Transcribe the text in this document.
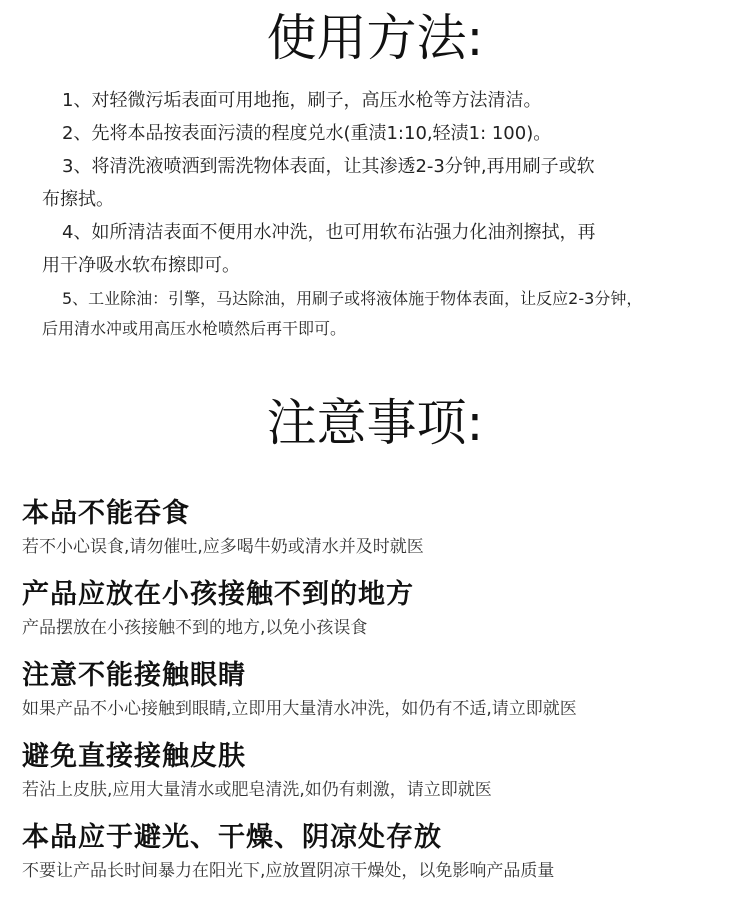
使用方法:
1、对轻微污垢表面可用地拖，刷子，高压水枪等方法清洁。
2、先将本品按表面污渍的程度兑水(重渍1:10,轻渍1: 100)。
3、将清洗液喷洒到需洗物体表面，让其渗透2-3分钟,再用刷子或软
布擦拭。
4、如所清洁表面不便用水冲洗，也可用软布沾强力化油剂擦拭，再
用干净吸水软布擦即可。
5、工业除油：引擎，马达除油，用刷子或将液体施于物体表面，让反应2-3分钟，
后用清水冲或用高压水枪喷然后再干即可。
注意事项:
本品不能吞食
若不小心误食,请勿催吐,应多喝牛奶或清水并及时就医
产品应放在小孩接触不到的地方
产品摆放在小孩接触不到的地方,以免小孩误食
注意不能接触眼睛
如果产品不小心接触到眼睛,立即用大量清水冲洗，如仍有不适,请立即就医
避免直接接触皮肤
若沾上皮肤,应用大量清水或肥皂清洗,如仍有刺激，请立即就医
本品应于避光、干燥、阴凉处存放
不要让产品长时间暴力在阳光下,应放置阴凉干燥处，以免影响产品质量
